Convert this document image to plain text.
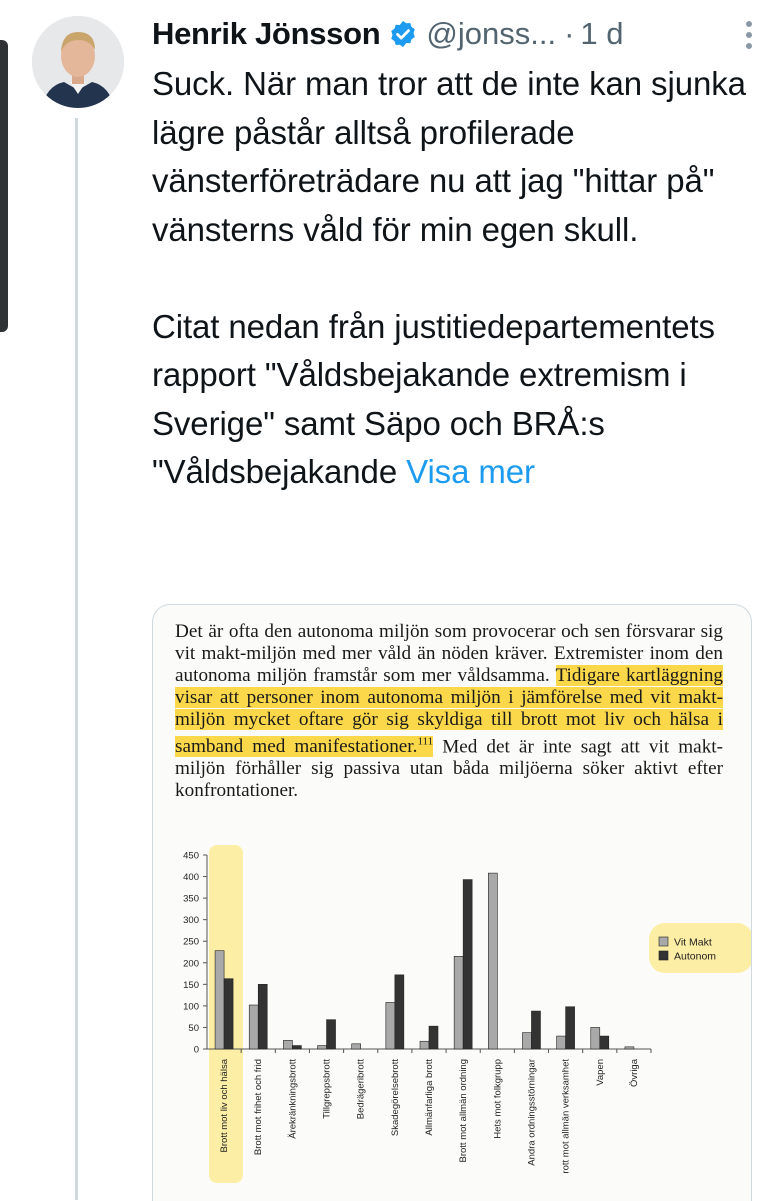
Henrik Jönsson @jonss... · 1 d
Suck. När man tror att de inte kan sjunka lägre påstår alltså profilerade vänsterföreträdare nu att jag "hittar på" vänsterns våld för min egen skull.

Citat nedan från justitiedepartementets rapport "Våldsbejakande extremism i Sverige" samt Säpo och BRÅ:s "Våldsbejakande Visa mer
Det är ofta den autonoma miljön som provocerar och sen försvarar sig vit makt-miljön med mer våld än nöden kräver. Extremister inom den autonoma miljön framstår som mer våldsamma. Tidigare kartläggning visar att personer inom autonoma miljön i jämförelse med vit makt-miljön mycket oftare gör sig skyldiga till brott mot liv och hälsa i samband med manifestationer.$^{111}$ Med det är inte sagt att vit makt-miljön förhåller sig passiva utan båda miljöerna söker aktivt efter konfrontationer.
0
50
100
150
200
250
300
350
400
450
Brott mot liv och hälsa Brott mot frihet och frid Ärekränkningsbrott Tillgreppsbrott Bedrägeribrott Skadegörelsebrott Allmänfarliga brott Brott mot allmän ordning Hets mot folkgrupp Andra ordningsstörningar rott mot allmän verksamhet Vapen Övriga
Vit Makt
Autonom
